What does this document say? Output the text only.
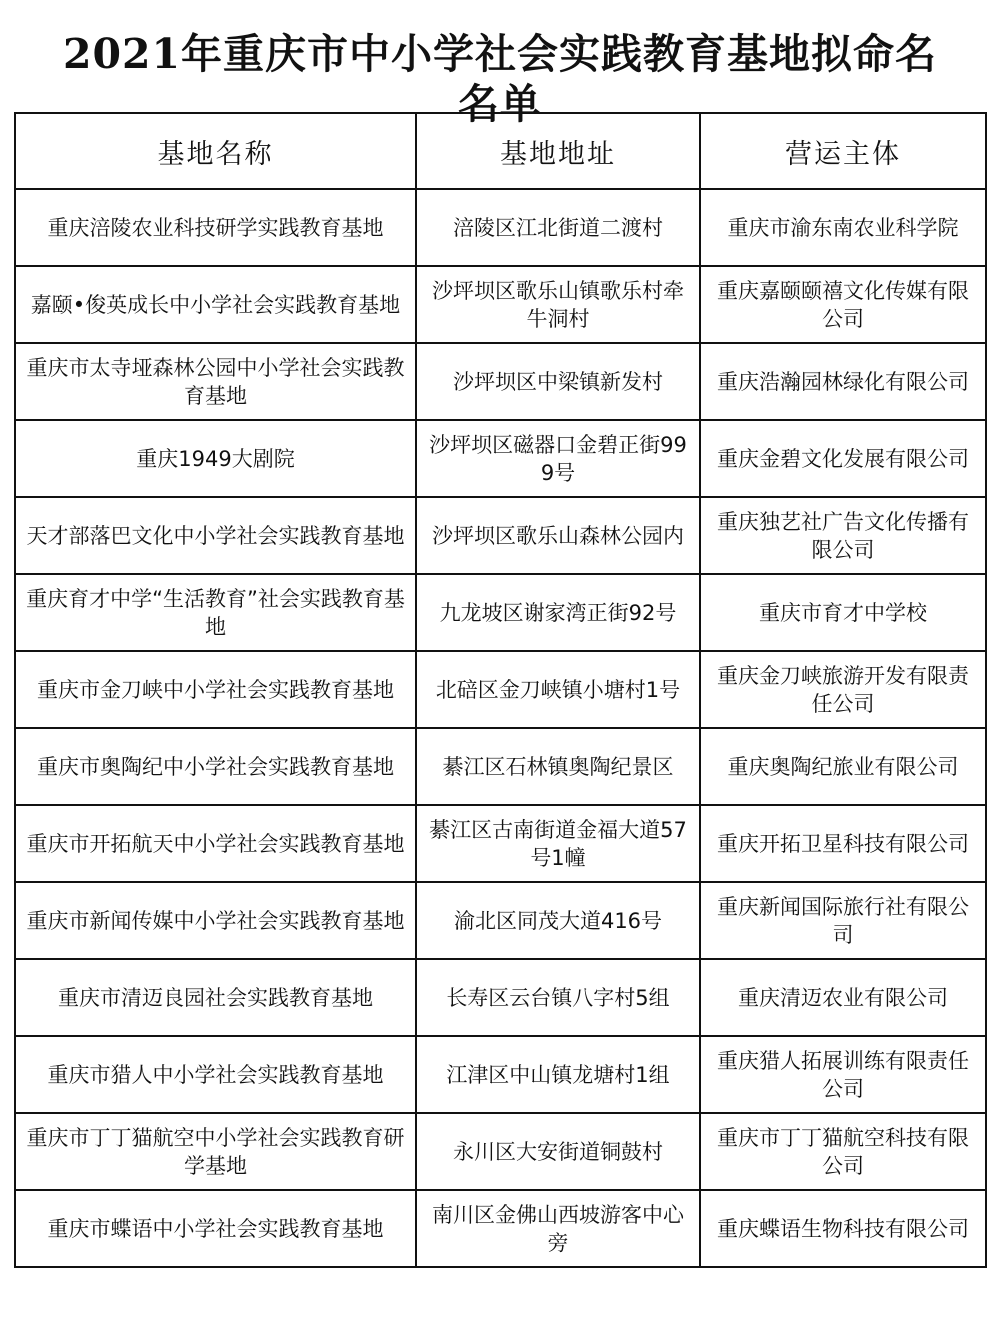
2021年重庆市中小学社会实践教育基地拟命名
名单
基地名称	基地地址	营运主体
重庆涪陵农业科技研学实践教育基地	涪陵区江北街道二渡村	重庆市渝东南农业科学院
嘉颐•俊英成长中小学社会实践教育基地	沙坪坝区歌乐山镇歌乐村牵牛洞村	重庆嘉颐颐禧文化传媒有限公司
重庆市太寺垭森林公园中小学社会实践教育基地	沙坪坝区中梁镇新发村	重庆浩瀚园林绿化有限公司
重庆1949大剧院	沙坪坝区磁器口金碧正街999号	重庆金碧文化发展有限公司
天才部落巴文化中小学社会实践教育基地	沙坪坝区歌乐山森林公园内	重庆独艺社广告文化传播有限公司
重庆育才中学“生活教育”社会实践教育基地	九龙坡区谢家湾正街92号	重庆市育才中学校
重庆市金刀峡中小学社会实践教育基地	北碚区金刀峡镇小塘村1号	重庆金刀峡旅游开发有限责任公司
重庆市奥陶纪中小学社会实践教育基地	綦江区石林镇奥陶纪景区	重庆奥陶纪旅业有限公司
重庆市开拓航天中小学社会实践教育基地	綦江区古南街道金福大道57号1幢	重庆开拓卫星科技有限公司
重庆市新闻传媒中小学社会实践教育基地	渝北区同茂大道416号	重庆新闻国际旅行社有限公司
重庆市清迈良园社会实践教育基地	长寿区云台镇八字村5组	重庆清迈农业有限公司
重庆市猎人中小学社会实践教育基地	江津区中山镇龙塘村1组	重庆猎人拓展训练有限责任公司
重庆市丁丁猫航空中小学社会实践教育研学基地	永川区大安街道铜鼓村	重庆市丁丁猫航空科技有限公司
重庆市蝶语中小学社会实践教育基地	南川区金佛山西坡游客中心旁	重庆蝶语生物科技有限公司
